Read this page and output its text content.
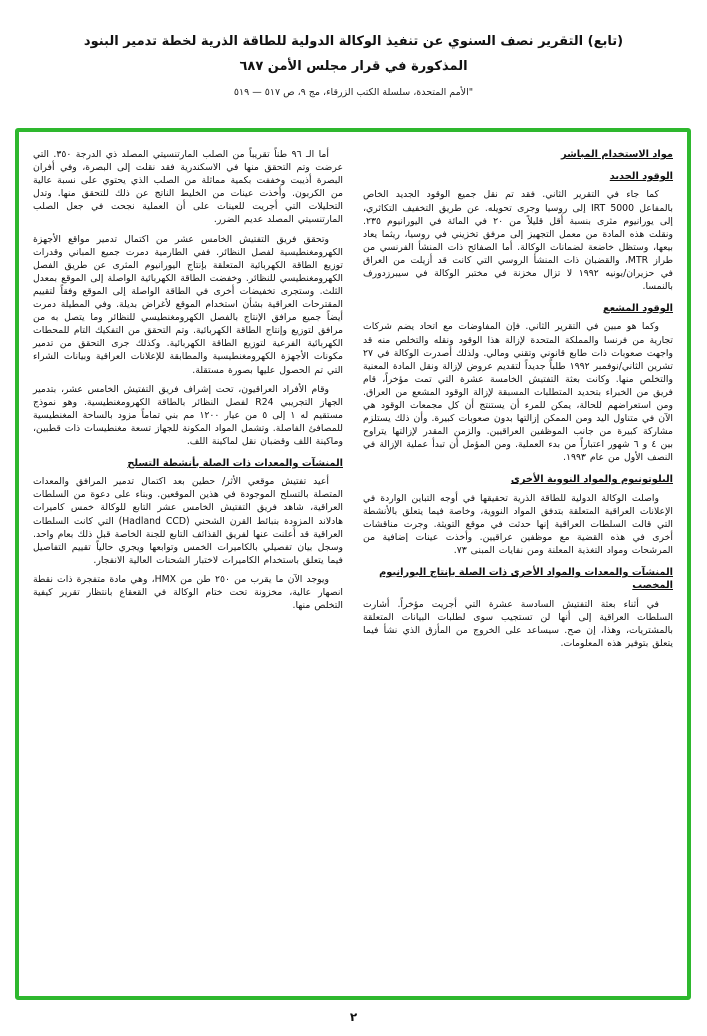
(تابع) التقرير نصف السنوي عن تنفيذ الوكالة الدولية للطاقة الذرية لخطة تدمير البنود
المذكورة في قرار مجلس الأمن ٦٨٧
"الأمم المتحدة، سلسلة الكتب الزرقاء، مج ٩، ص ٥١٧ — ٥١٩
مواد الاستخدام المباشر
الوقود الجديد

كما جاء في التقرير الثاني. فقد تم نقل جميع الوقود الجديد الخاص بالمفاعل IRT 5000 إلى روسيا وجرى تحويله. عن طريق التخفيف التكاثري، إلى يورانيوم مثرى بنسبة أقل قليلاً من ٢٠ في المائة في اليورانيوم ٢٣٥. ونقلت هذه المادة من معمل التجهيز إلى مرفق تخزيني في روسيا، ريثما يعاد بيعها، وستظل خاضعة لضمانات الوكالة. أما الصفائح ذات المنشأ الفرنسي من طراز MTR، والقضبان ذات المنشأ الروسي التي كانت قد أزيلت من العراق في حزيران/يونيه ١٩٩٢ لا تزال مخزنة في مختبر الوكالة في سيبرزدورف بالنمسا.

الوقود المشعع

وكما هو مبين في التقرير الثاني. فإن المفاوضات مع اتحاد يضم شركات تجارية من فرنسا والمملكة المتحدة لإزالة هذا الوقود ونقله والتخلص منه قد واجهت صعوبات ذات طابع قانوني وتقني ومالي. ولذلك أصدرت الوكالة في ٢٧ تشرين الثاني/نوفمبر ١٩٩٢ طلباً جديداً لتقديم عروض لإزالة ونقل المادة المعنية والتخلص منها. وكانت بعثة التفتيش الخامسة عشرة التي تمت مؤخراً، قام فريق من الخبراء بتحديد المتطلبات المسبقة لإزالة الوقود المشعع من العراق. ومن استعراضهم للحالة، يمكن للمرء أن يستنتج أن كل مجمعات الوقود هي الآن في متناول اليد ومن الممكن إزالتها بدون صعوبات كبيرة. وأن ذلك يستلزم مشاركة كبيرة من جانب الموظفين العراقيين. والزمن المقدر لإزالتها يتراوح بين ٤ و ٦ شهور اعتباراً من بدء العملية. ومن المؤمل أن تبدأ عملية الإزالة في النصف الأول من عام ١٩٩٣.

البلوتونيوم والمواد النووية الأخرى

واصلت الوكالة الدولية للطاقة الذرية تحقيقها في أوجه التباين الواردة في الإعلانات العراقية المتعلقة بتدفق المواد النووية، وخاصة فيما يتعلق بالأنشطة التي قالت السلطات العراقية إنها حدثت في موقع التويثة. وجرت مناقشات أخرى في هذه القضية مع موظفين عراقيين. وأخذت عينات إضافية من المرشحات ومواد التغذية المعلنة ومن نفايات المبنى ٧٣.

المنشآت والمعدات والمواد الأخرى ذات الصلة بإنتاج اليورانيوم المخصب

في أثناء بعثة التفتيش السادسة عشرة التي أجريت مؤخراً. أشارت السلطات العراقية إلى أنها لن تستجيب سوى لطلبات البيانات المتعلقة بالمشتريات، وهذا، إن صح. سيساعد على الخروج من المأزق الذي نشأ فيما يتعلق بتوفير هذه المعلومات.

أما الـ ٩٦ طناً تقريباً من الصلب المارتنسيتي المصلد ذي الدرجة ٣٥٠. التي عرضت وتم التحقق منها في الاسكندرية فقد نقلت إلى البصرة، وفي أفران البصرة أذيبت وخففت بكمية مماثلة من الصلب الذي يحتوي على نسبة عالية من الكربون. وأخذت عينات من الخليط الناتج عن ذلك للتحقق منها. وتدل التحليلات التي أجريت للعينات على أن العملية نجحت في جعل الصلب المارتنسيتي المصلد عديم الضرر.

وتحقق فريق التفتيش الخامس عشر من اكتمال تدمير مواقع الأجهزة الكهرومغنطيسية لفصل النظائر. ففي الطارمية دمرت جميع المباني وقدرات توزيع الطاقة الكهربائية المتعلقة بإنتاج اليورانيوم المثرى عن طريق الفصل الكهرومغنطيسي للنظائر. وخفضت الطاقة الكهربائية الواصلة إلى الموقع بمعدل الثلث. وستجرى تخفيضات أخرى في الطاقة الواصلة إلى الموقع وفقاً لتقييم المقترحات العراقية بشأن استخدام الموقع لأغراض بديلة. وفي المطيلة دمرت أيضاً جميع مرافق الإنتاج بالفصل الكهرومغنطيسي للنظائر وما يتصل به من مرافق لتوزيع وإنتاج الطاقة الكهربائية. وتم التحقق من التفكيك التام للمحطات الكهربائية الفرعية لتوزيع الطاقة الكهربائية. وكذلك جرى التحقق من تدمير مكونات الأجهزة الكهرومغنطيسية والمطابقة للإعلانات العراقية وبيانات الشراء التي تم الحصول عليها بصورة مستقلة.

وقام الأفراد العراقيون، تحت إشراف فريق التفتيش الخامس عشر، بتدمير الجهاز التجريبي R24 لفصل النظائر بالطاقة الكهرومغنطيسية. وهو نموذج مستقيم له ١ إلى ٥ من عيار ١٢٠٠ مم بني تماماً مزود بالساحة المغنطيسية للمصافئ الفاصلة. وتشمل المواد المكونة للجهاز تسعة مغنطيسات ذات قطبين، وماكينة اللف وقضبان نقل لماكينة اللف.

المنشآت والمعدات ذات الصلة بأنشطة التسلح

أعيد تفتيش موقعي الأثر/ حطين بعد اكتمال تدمير المرافق والمعدات المتصلة بالتسلح الموجودة في هذين الموقعين. وبناء على دعوة من السلطات العراقية، شاهد فريق التفتيش الخامس عشر التابع للوكالة خمس كاميرات هادلاند المزودة بنبائط القرن الشحني (Hadland CCD) التي كانت السلطات العراقية قد أعلنت عنها لفريق القذائف التابع للجنة الخاصة قبل ذلك بعام واحد. وسجل بيان تفصيلي بالكاميرات الخمس وتوابعها ويجري حالياً تقييم التفاصيل فيما يتعلق باستخدام الكاميرات لاختبار الشحنات العالية الانفجار.

ويوجد الآن ما يقرب من ٢٥٠ طن من HMX، وهي مادة متفجرة ذات نقطة انصهار عالية، مخزونة تحت ختام الوكالة في القعقاع بانتظار تقرير كيفية التخلص منها.

٢
